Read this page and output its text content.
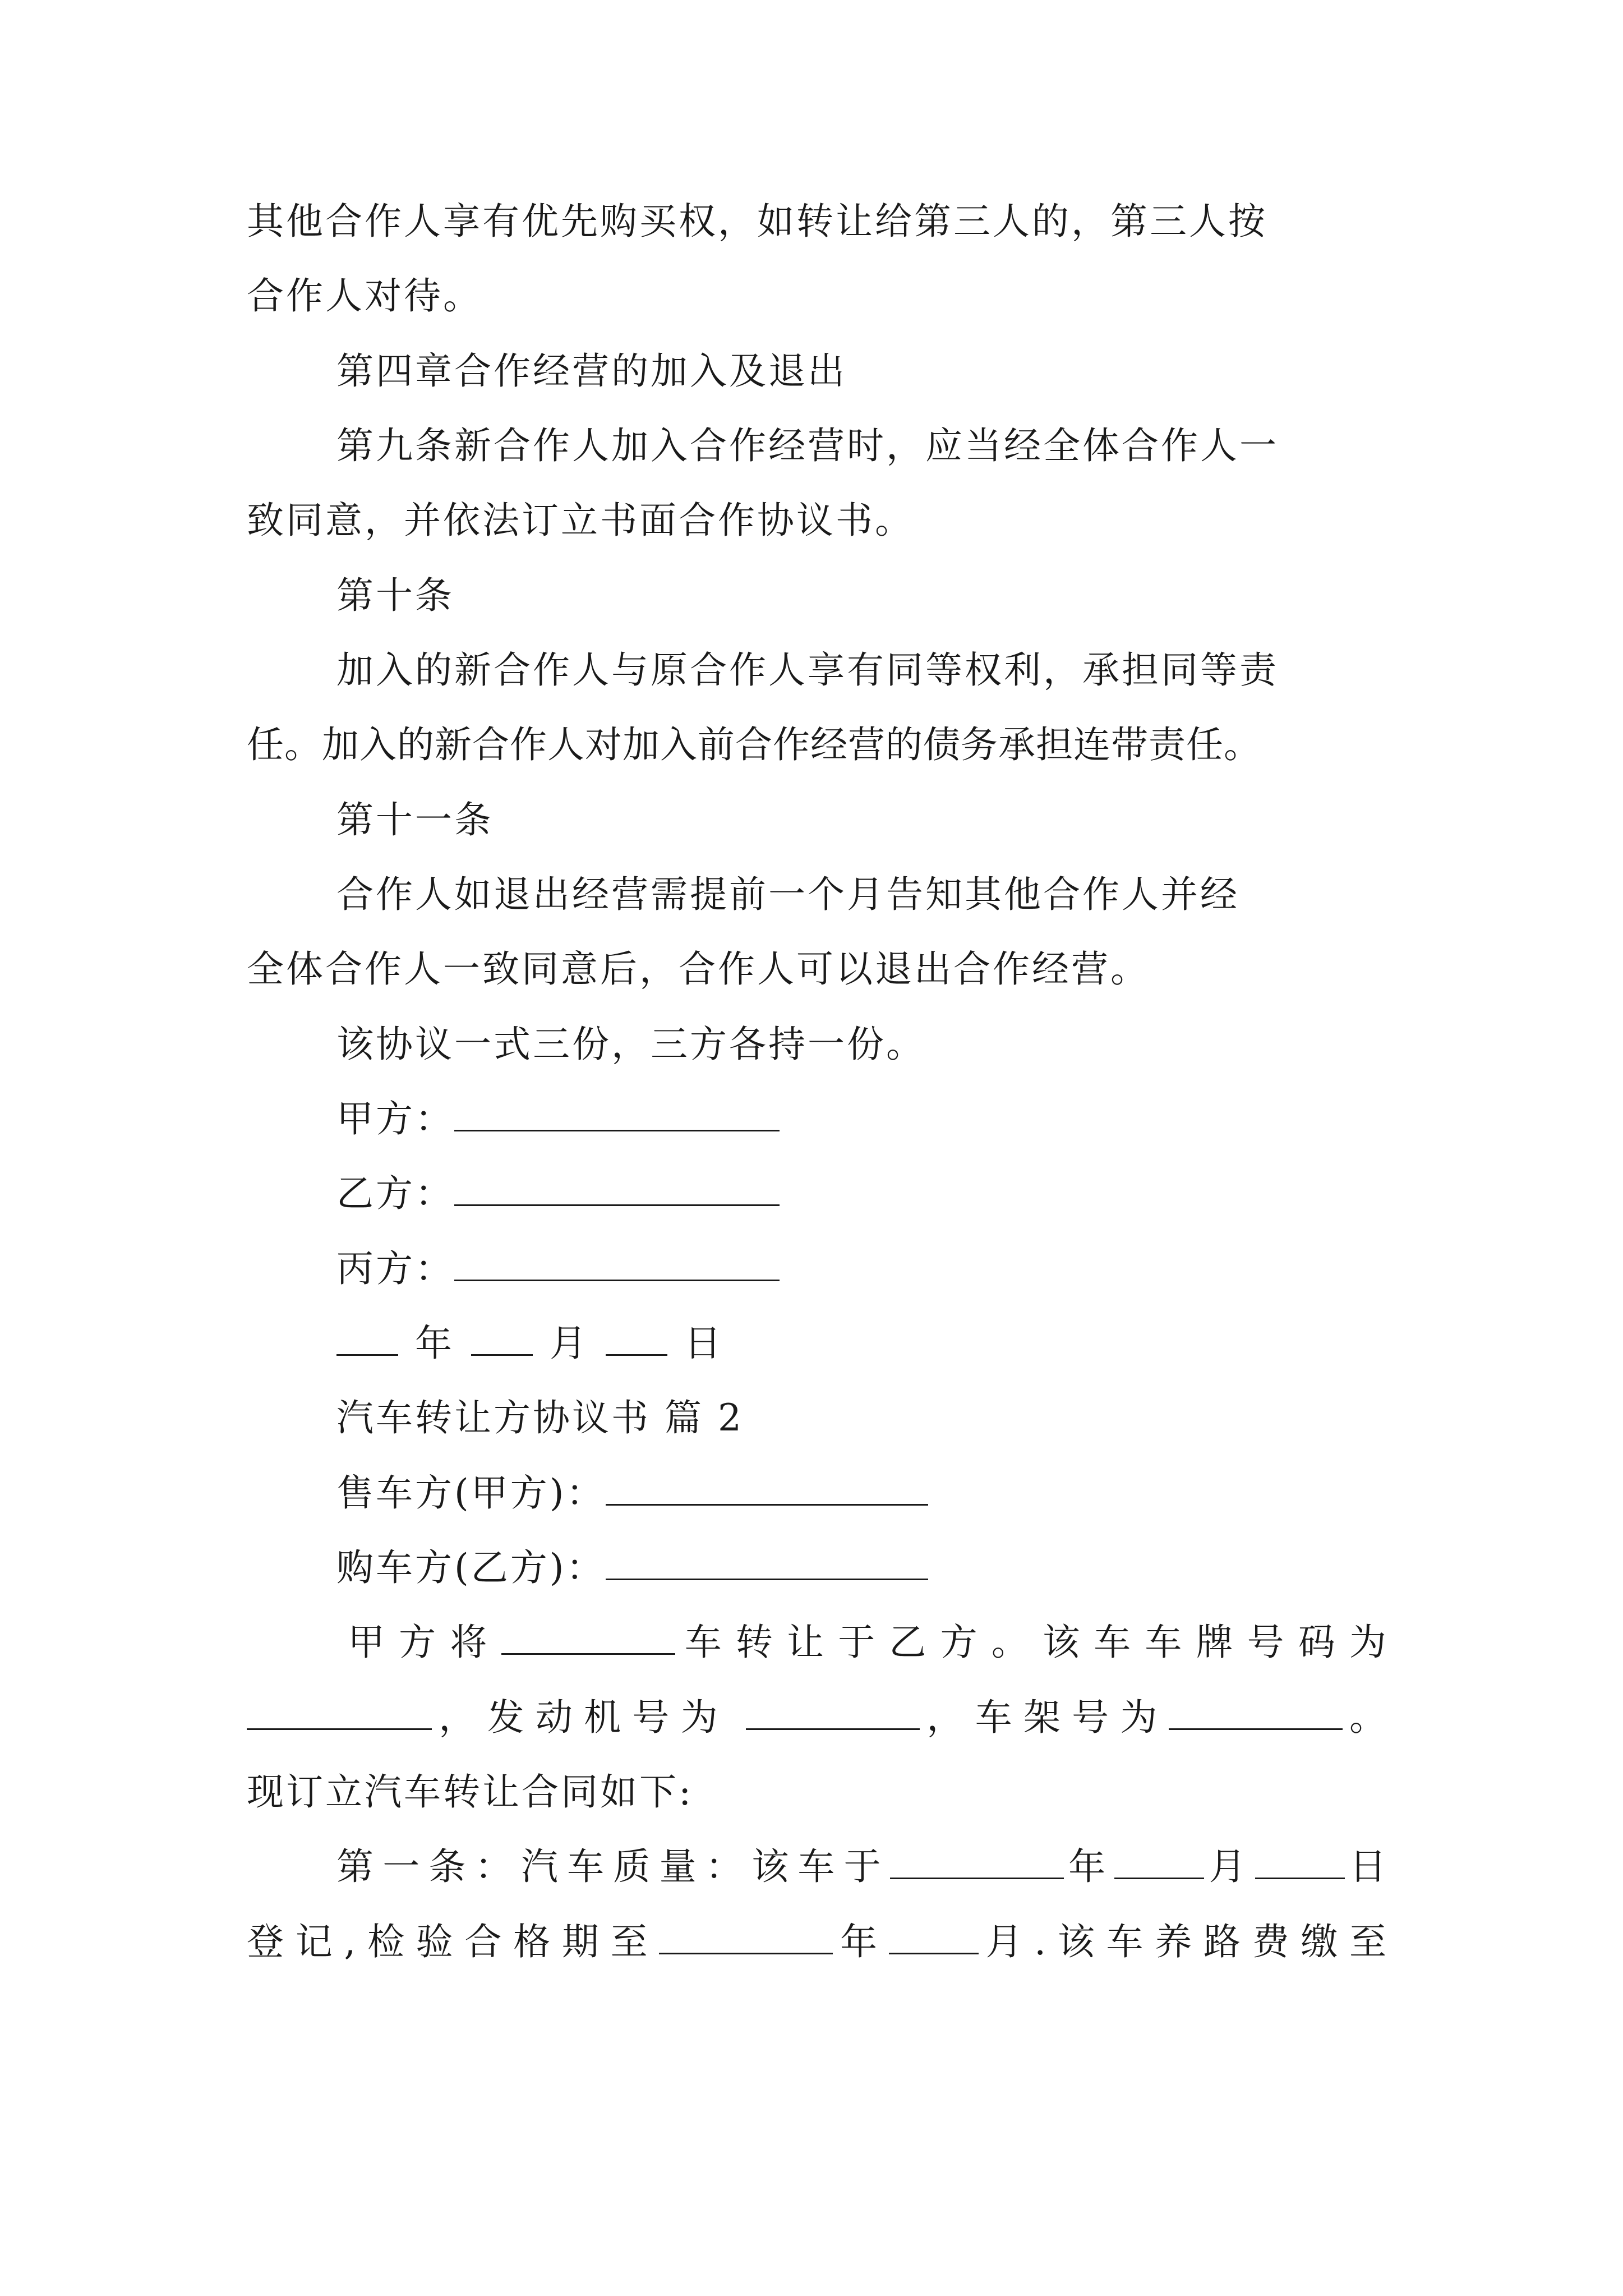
其他合作人享有优先购买权，如转让给第三人的，第三人按
合作人对待。
第四章合作经营的加入及退出
第九条新合作人加入合作经营时，应当经全体合作人一
致同意，并依法订立书面合作协议书。
第十条
加入的新合作人与原合作人享有同等权利，承担同等责
任。加入的新合作人对加入前合作经营的债务承担连带责任。
第十一条
合作人如退出经营需提前一个月告知其他合作人并经
全体合作人一致同意后，合作人可以退出合作经营。
该协议一式三份，三方各持一份。
甲方：
乙方：
丙方：
年	月	日
汽车转让方协议书 篇 2
售车方(甲方)：
购车方(乙方)：
甲方将	车转让于乙方。该车车牌号码为
，发动机号为	，车架号为	。
现订立汽车转让合同如下:
第一条：汽车质量：该车于	年 月 日
登记,检验合格期至	年 月.该车养路费缴至
